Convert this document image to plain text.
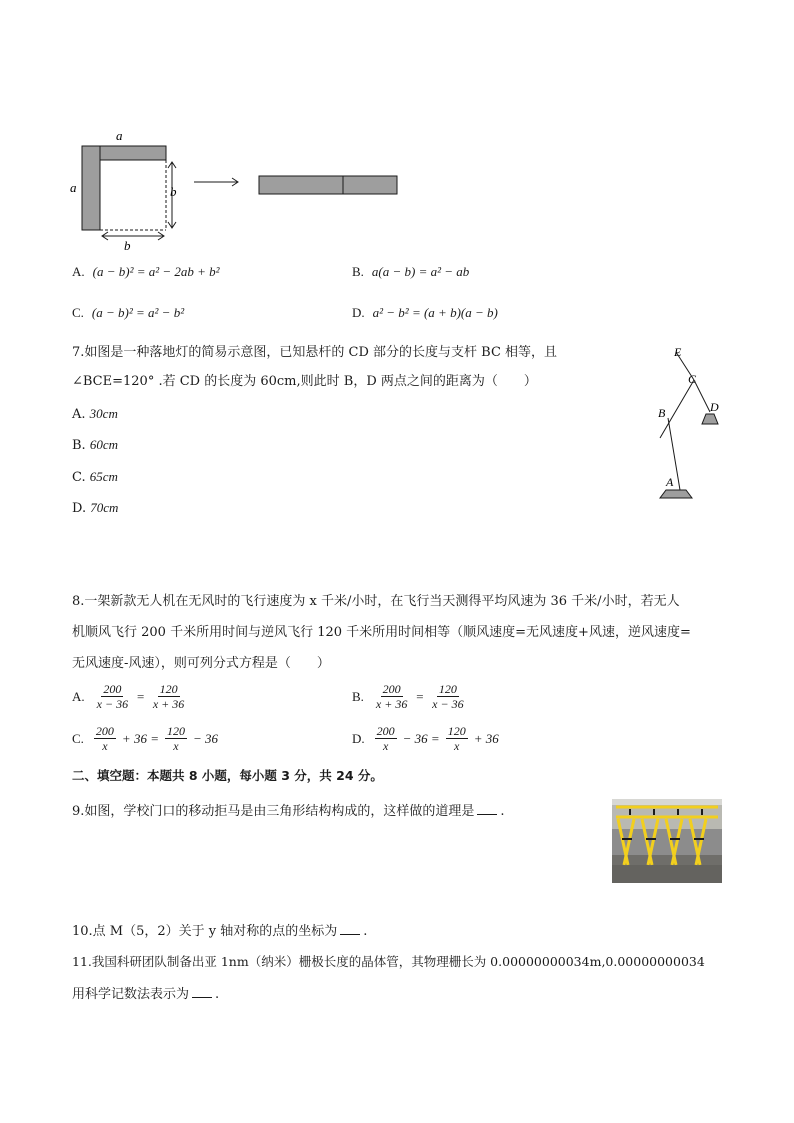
a
a	b
b
A. (a − b)² = a² − 2ab + b²	B. a(a − b) = a² − ab
C. (a − b)² = a² − b²	D. a² − b² = (a + b)(a − b)
7.如图是一种落地灯的简易示意图，已知悬杆的 CD 部分的长度与支杆 BC 相等，且
∠BCE=120° .若 CD 的长度为 60cm,则此时 B，D 两点之间的距离为（　　）
A. 30cm
B. 60cm
C. 65cm
D. 70cm
E
C
B	D
A
8.一架新款无人机在无风时的飞行速度为 x 千米/小时，在飞行当天测得平均风速为 36 千米/小时，若无人
机顺风飞行 200 千米所用时间与逆风飞行 120 千米所用时间相等（顺风速度=无风速度+风速，逆风速度=
无风速度-风速），则可列分式方程是（　　）
A. $\frac{200}{x - 36} = \frac{120}{x + 36}$	B. $\frac{200}{x + 36} = \frac{120}{x - 36}$
C. $\frac{200}{x} + 36 = \frac{120}{x} - 36$	D. $\frac{200}{x} - 36 = \frac{120}{x} + 36$
二、填空题：本题共 8 小题，每小题 3 分，共 24 分。
9.如图，学校门口的移动拒马是由三角形结构构成的，这样做的道理是 .
10.点 M（5，2）关于 y 轴对称的点的坐标为 .
11.我国科研团队制备出亚 1nm（纳米）栅极长度的晶体管，其物理栅长为 0.00000000034m,0.00000000034
用科学记数法表示为 .
